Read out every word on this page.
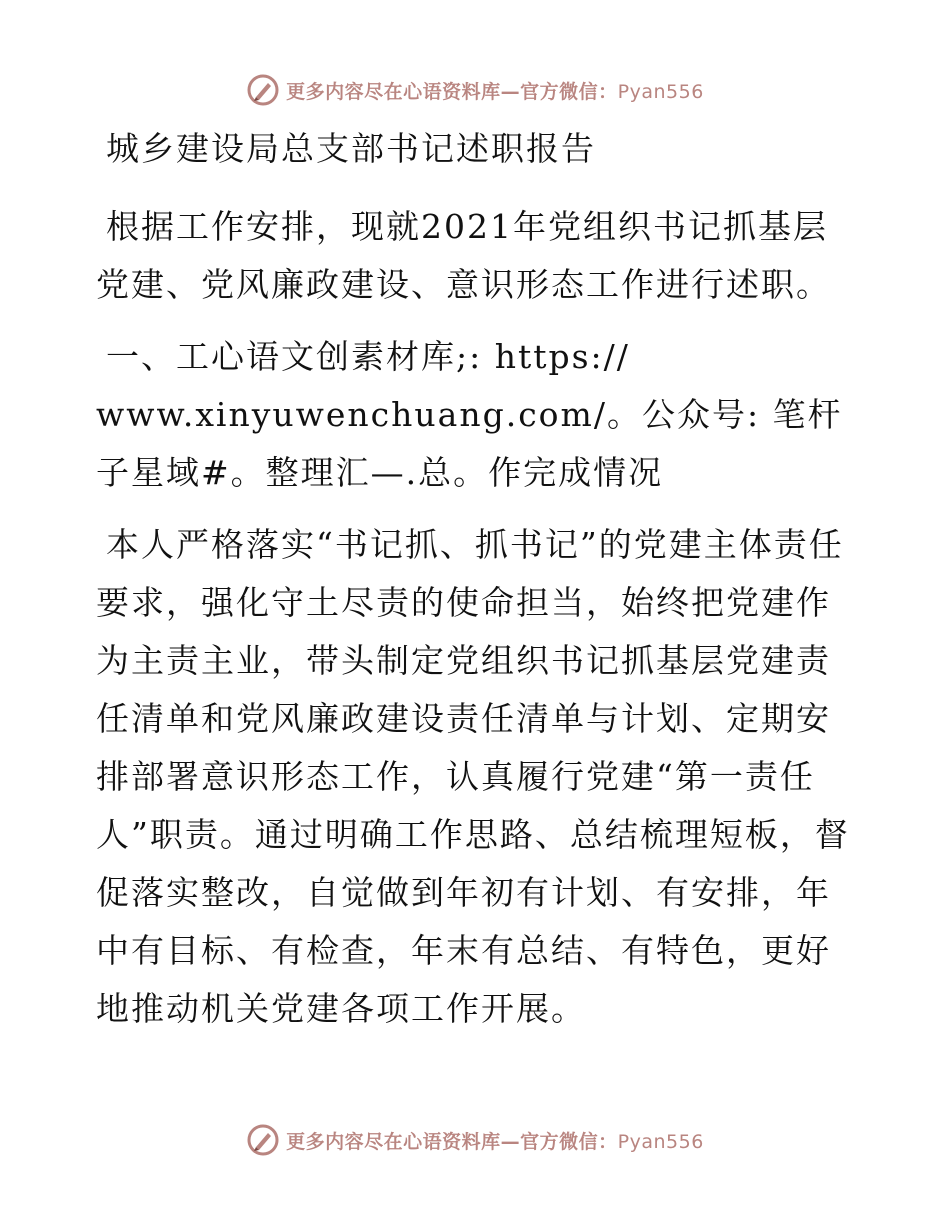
更多内容尽在心语资料库—官方微信：Pyan556
城乡建设局总支部书记述职报告

根据工作安排，现就2021年党组织书记抓基层党建、党风廉政建设、意识形态工作进行述职。

一、工心语文创素材库;: https:// www.xinyuwenchuang.com/。公众号: 笔杆子星域#。整理汇—.总。作完成情况

本人严格落实“书记抓、抓书记”的党建主体责任要求，强化守土尽责的使命担当，始终把党建作为主责主业，带头制定党组织书记抓基层党建责任清单和党风廉政建设责任清单与计划、定期安排部署意识形态工作，认真履行党建“第一责任人”职责。通过明确工作思路、总结梳理短板，督促落实整改，自觉做到年初有计划、有安排，年中有目标、有检查，年末有总结、有特色，更好地推动机关党建各项工作开展。

更多内容尽在心语资料库—官方微信：Pyan556
